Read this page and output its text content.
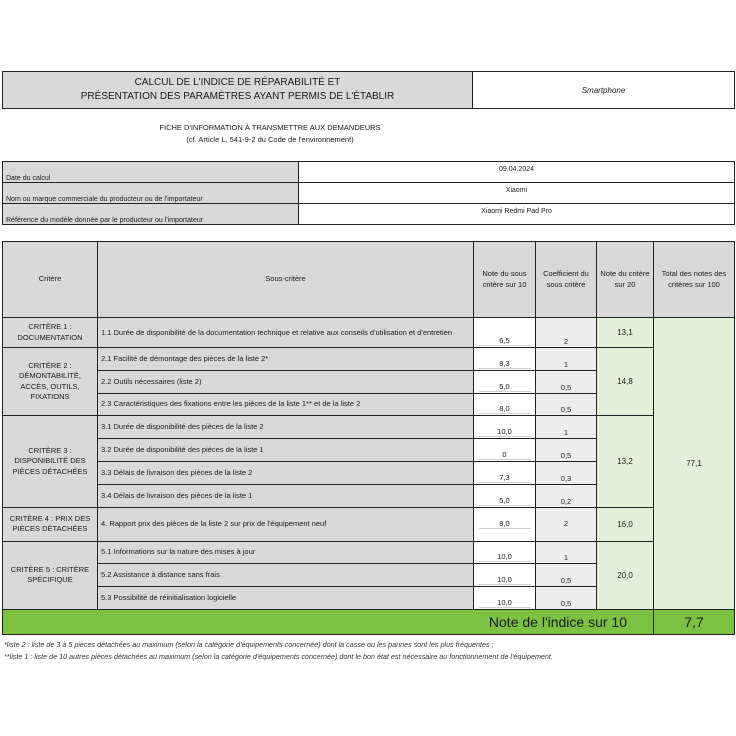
CALCUL DE L'INDICE DE RÉPARABILITÉ ET
PRÉSENTATION DES PARAMÈTRES AYANT PERMIS DE L'ÉTABLIR
	Smartphone
FICHE D'INFORMATION À TRANSMETTRE AUX DEMANDEURS
(cf. Article L. 541-9-2 du Code de l'environnement)
Date du calcul	09.04.2024
Nom ou marque commerciale du producteur ou de l'importateur	Xiaomi
Référence du modèle donnée par le producteur ou l'importateur	Xiaomi Redmi Pad Pro
Critère	Sous-critère	Note du sous critère sur 10	Coefficient du sous critère	Note du critère sur 20	Total des notes des critères sur 100
CRITÈRE 1 : DOCUMENTATION	1.1 Durée de disponibilité de la documentation technique et relative aux conseils d'utilisation et d'entretien	6,5	2	13,1	77,1
CRITÈRE 2 : DÉMONTABILITÉ, ACCÈS, OUTILS, FIXATIONS	2.1 Facilité de démontage des pièces de la liste 2*	8,3	1	14,8	
	2.2 Outils nécessaires (liste 2)	5,0	0,5		
	2.3 Caractéristiques des fixations entre les pièces de la liste 1** et de la liste 2	8,0	0,5		
CRITÈRE 3 : DISPONIBILITÉ DES PIÈCES DÉTACHÉES	3.1 Durée de disponibilité des pièces de la liste 2	10,0	1	13,2	
	3.2 Durée de disponibilité des pièces de la liste 1	0	0,5		
	3.3 Délais de livraison des pièces de la liste 2	7,3	0,3		
	3.4 Délais de livraison des pièces de la liste 1	5,0	0,2		
CRITÈRE 4 : PRIX DES PIÈCES DÉTACHÉES	4. Rapport prix des pièces de la liste 2 sur prix de l'équipement neuf	8,0	2	16,0	
CRITÈRE 5 : CRITÈRE SPÉCIFIQUE	5.1 Informations sur la nature des mises à jour	10,0	1	20,0	
	5.2 Assistance à distance sans frais	10,0	0,5		
	5.3 Possibilité de réinitialisation logicielle	10,0	0,5		
Note de l'indice sur 10					7,7
*liste 2 : liste de 3 à 5 pièces détachées au maximum (selon la catégorie d'équipements concernée) dont la casse ou les pannes sont les plus fréquentes ;
**liste 1 : liste de 10 autres pièces détachées au maximum (selon la catégorie d'équipements concernée) dont le bon état est nécessaire au fonctionnement de l'équipement.
